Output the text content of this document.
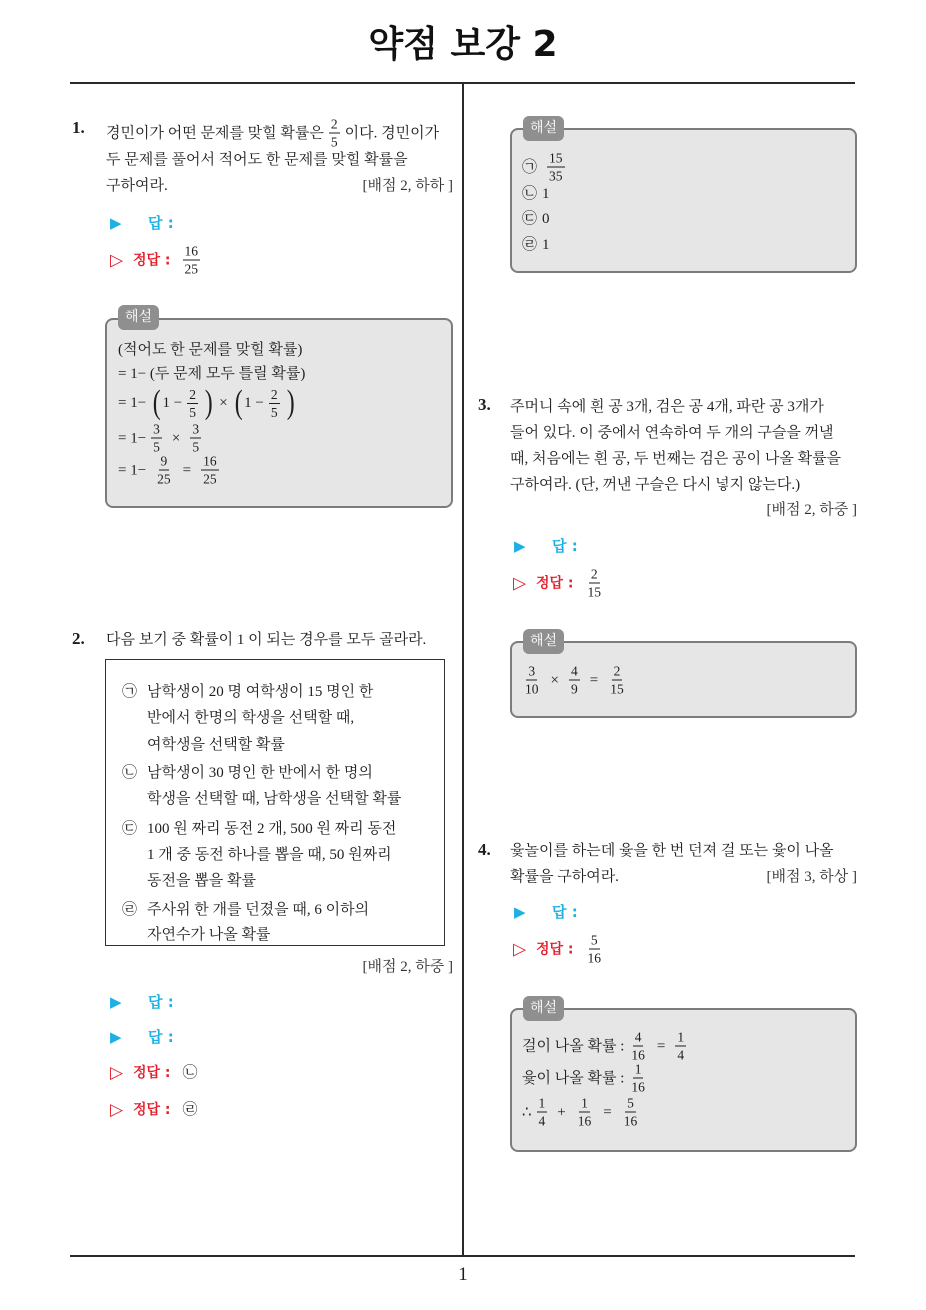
약점 보강 2
1
1. 경민이가 어떤 문제를 맞힐 확률은 $\frac{2}{5}$ 이다. 경민이가
두 문제를 풀어서 적어도 한 문제를 맞힐 확률을
구하여라.	[배점 2, 하하 ]
▶	답 :
▷ 정답 : $\frac{16}{25}$
해설
(적어도 한 문제를 맞힐 확률)
= 1− (두 문제 모두 틀릴 확률)
= 1− ( $1 - \frac{2}{5}$ ) × ( $1 - \frac{2}{5}$ )
= $1- \frac{3}{5} \times \frac{3}{5}$
= $1- \frac{9}{25} = \frac{16}{25}$
2. 다음 보기 중 확률이 1 이 되는 경우를 모두 골라라.
㉠ 남학생이 20 명 여학생이 15 명인 한
반에서 한명의 학생을 선택할 때,
여학생을 선택할 확률
㉡ 남학생이 30 명인 한 반에서 한 명의
학생을 선택할 때, 남학생을 선택할 확률
㉢ 100 원 짜리 동전 2 개, 500 원 짜리 동전
1 개 중 동전 하나를 뽑을 때, 50 원짜리
동전을 뽑을 확률
㉣ 주사위 한 개를 던졌을 때, 6 이하의
자연수가 나올 확률
[배점 2, 하중 ]
▶	답 :
▶	답 :
▷ 정답 : ㉡
▷ 정답 : ㉣
해설
㉠ $\frac{15}{35}$
㉡ 1
㉢ 0
㉣ 1
3. 주머니 속에 흰 공 3개, 검은 공 4개, 파란 공 3개가
들어 있다. 이 중에서 연속하여 두 개의 구슬을 꺼낼
때, 처음에는 흰 공, 두 번째는 검은 공이 나올 확률을
구하여라. (단, 꺼낸 구슬은 다시 넣지 않는다.)
[배점 2, 하중 ]
▶	답 :
▷ 정답 : $\frac{2}{15}$
해설
$\frac{3}{10} \times \frac{4}{9} = \frac{2}{15}$
4. 윷놀이를 하는데 윷을 한 번 던져 걸 또는 윷이 나올
확률을 구하여라.	[배점 3, 하상 ]
▶	답 :
▷ 정답 : $\frac{5}{16}$
해설
걸이 나올 확률 : $\frac{4}{16} = \frac{1}{4}$
윷이 나올 확률 : $\frac{1}{16}$
∴ $\frac{1}{4} + \frac{1}{16} = \frac{5}{16}$
